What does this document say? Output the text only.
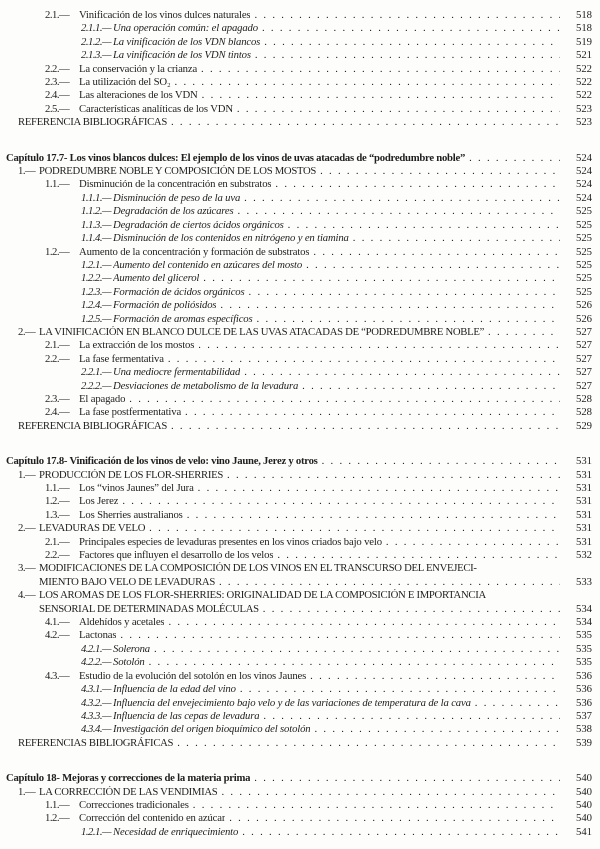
2.1.— Vinificación de los vinos dulces naturales . . .	518
2.1.1.— Una operación común: el apagado . . .	518
2.1.2.— La vinificación de los VDN blancos . . .	519
2.1.3.— La vinificación de los VDN tintos . . .	521
2.2.— La conservación y la crianza . . .	522
2.3.— La utilización del SO₂ . . .	522
2.4.— Las alteraciones de los VDN . . .	522
2.5.— Características analíticas de los VDN . . .	523
REFERENCIA BIBLIOGRÁFICAS . . .	523
Capítulo 17.7- Los vinos blancos dulces: El ejemplo de los vinos de uvas atacadas de “podredumbre noble” . . .	524
1.— PODREDUMBRE NOBLE Y COMPOSICIÓN DE LOS MOSTOS . . .	524
1.1.— Disminución de la concentración en substratos . . .	524
1.1.1.— Disminución de peso de la uva . . .	524
1.1.2.— Degradación de los azúcares . . .	525
1.1.3.— Degradación de ciertos ácidos orgánicos . . .	525
1.1.4.— Disminución de los contenidos en nitrógeno y en tiamina . . .	525
1.2.— Aumento de la concentración y formación de substratos . . .	525
1.2.1.— Aumento del contenido en azúcares del mosto . . .	525
1.2.2.— Aumento del glicerol . . .	525
1.2.3.— Formación de ácidos orgánicos . . .	525
1.2.4.— Formación de poliósidos . . .	526
1.2.5.— Formación de aromas específicos . . .	526
2.— LA VINIFICACIÓN EN BLANCO DULCE DE LAS UVAS ATACADAS DE “PODREDUMBRE NOBLE” . . .	527
2.1.— La extracción de los mostos . . .	527
2.2.— La fase fermentativa . . .	527
2.2.1.— Una mediocre fermentabilidad . . .	527
2.2.2.— Desviaciones de metabolismo de la levadura . . .	527
2.3.— El apagado . . .	528
2.4.— La fase postfermentativa . . .	528
REFERENCIA BIBLIOGRÁFICAS . . .	529
Capítulo 17.8- Vinificación de los vinos de velo: vino Jaune, Jerez y otros . . .	531
1.— PRODUCCIÓN DE LOS FLOR-SHERRIES . . .	531
1.1.— Los “vinos Jaunes” del Jura . . .	531
1.2.— Los Jerez . . .	531
1.3.— Los Sherries australianos . . .	531
2.— LEVADURAS DE VELO . . .	531
2.1.— Principales especies de levaduras presentes en los vinos criados bajo velo . . .	531
2.2.— Factores que influyen el desarrollo de los velos . . .	532
3.— MODIFICACIONES DE LA COMPOSICIÓN DE LOS VINOS EN EL TRANSCURSO DEL ENVEJECI-
MIENTO BAJO VELO DE LEVADURAS . . .	533
4.— LOS AROMAS DE LOS FLOR-SHERRIES: ORIGINALIDAD DE LA COMPOSICIÓN E IMPORTANCIA
SENSORIAL DE DETERMINADAS MOLÉCULAS . . .	534
4.1.— Aldehídos y acetales . . .	534
4.2.— Lactonas . . .	535
4.2.1.— Solerona . . .	535
4.2.2.— Sotolón . . .	535
4.3.— Estudio de la evolución del sotolón en los vinos Jaunes . . .	536
4.3.1.— Influencia de la edad del vino . . .	536
4.3.2.— Influencia del envejecimiento bajo velo y de las variaciones de temperatura de la cava . . .	536
4.3.3.— Influencia de las cepas de levadura . . .	537
4.3.4.— Investigación del origen bioquímico del sotolón . . .	538
REFERENCIAS BIBLIOGRÁFICAS . . .	539
Capítulo 18- Mejoras y correcciones de la materia prima . . .	540
1.— LA CORRECCIÓN DE LAS VENDIMIAS . . .	540
1.1.— Correcciones tradicionales . . .	540
1.2.— Corrección del contenido en azúcar . . .	540
1.2.1.— Necesidad de enriquecimiento . . .	541
